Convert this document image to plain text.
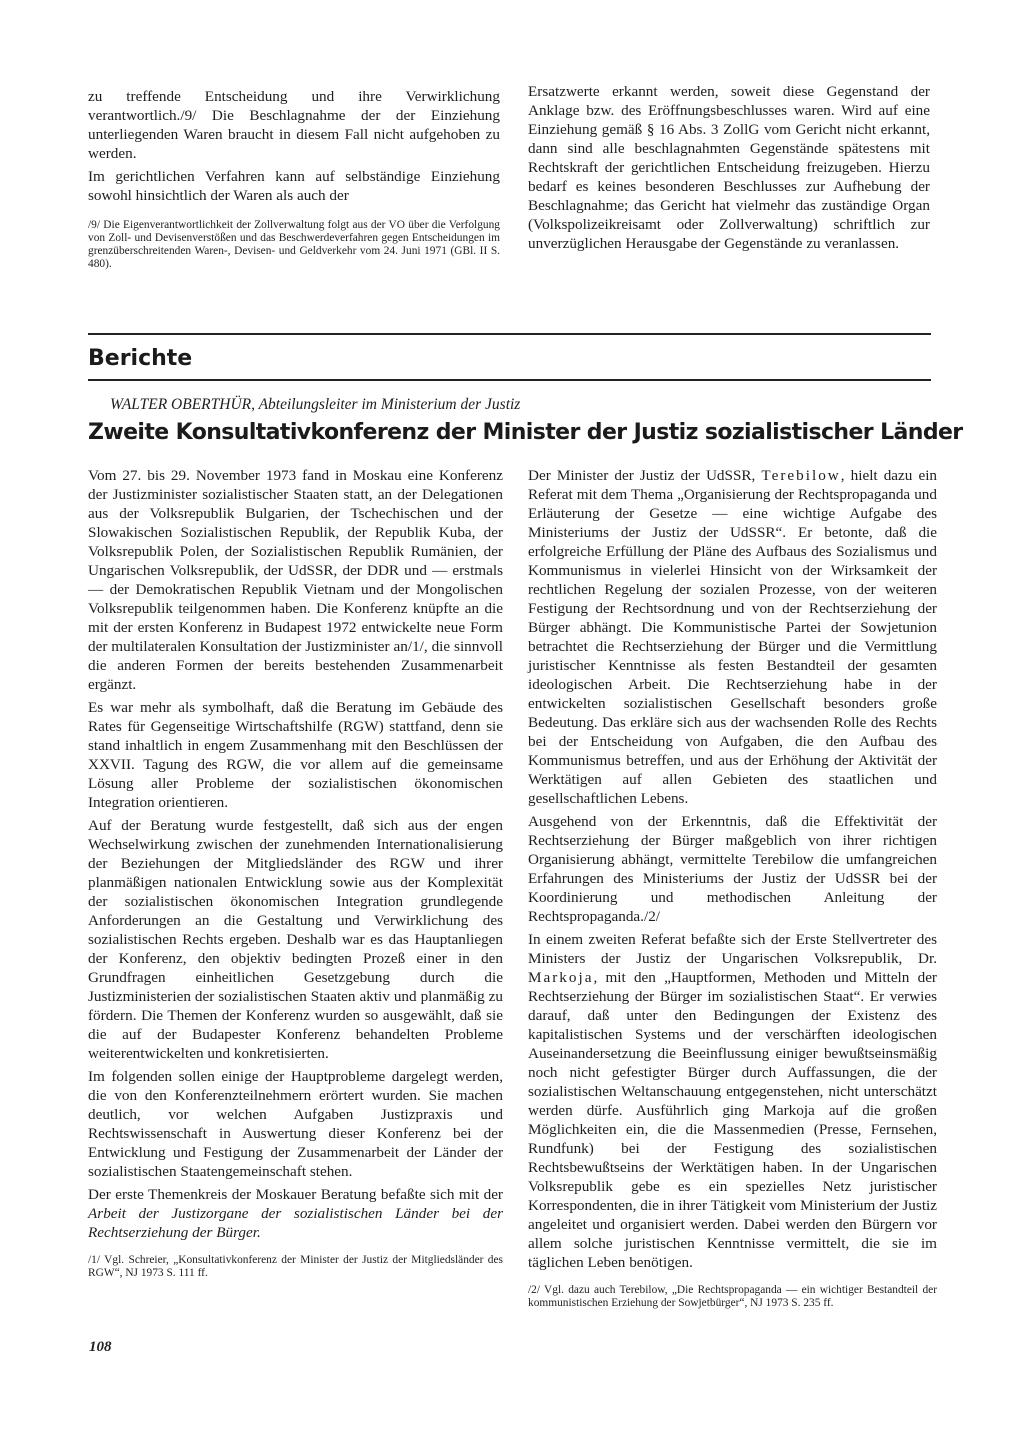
zu treffende Entscheidung und ihre Verwirklichung verantwortlich./9/ Die Beschlagnahme der der Einziehung unterliegenden Waren braucht in diesem Fall nicht aufgehoben zu werden.

Im gerichtlichen Verfahren kann auf selbständige Einziehung sowohl hinsichtlich der Waren als auch der

/9/ Die Eigenverantwortlichkeit der Zollverwaltung folgt aus der VO über die Verfolgung von Zoll- und Devisenverstößen und das Beschwerdeverfahren gegen Entscheidungen im grenzüberschreitenden Waren-, Devisen- und Geldverkehr vom 24. Juni 1971 (GBl. II S. 480).

Ersatzwerte erkannt werden, soweit diese Gegenstand der Anklage bzw. des Eröffnungsbeschlusses waren. Wird auf eine Einziehung gemäß § 16 Abs. 3 ZollG vom Gericht nicht erkannt, dann sind alle beschlagnahmten Gegenstände spätestens mit Rechtskraft der gerichtlichen Entscheidung freizugeben. Hierzu bedarf es keines besonderen Beschlusses zur Aufhebung der Beschlagnahme; das Gericht hat vielmehr das zuständige Organ (Volkspolizeikreisamt oder Zollverwaltung) schriftlich zur unverzüglichen Herausgabe der Gegenstände zu veranlassen.

Berichte

WALTER OBERTHÜR, Abteilungsleiter im Ministerium der Justiz

Zweite Konsultativkonferenz der Minister der Justiz sozialistischer Länder

Vom 27. bis 29. November 1973 fand in Moskau eine Konferenz der Justizminister sozialistischer Staaten statt, an der Delegationen aus der Volksrepublik Bulgarien, der Tschechischen und der Slowakischen Sozialistischen Republik, der Republik Kuba, der Volksrepublik Polen, der Sozialistischen Republik Rumänien, der Ungarischen Volksrepublik, der UdSSR, der DDR und — erstmals — der Demokratischen Republik Vietnam und der Mongolischen Volksrepublik teilgenommen haben. Die Konferenz knüpfte an die mit der ersten Konferenz in Budapest 1972 entwickelte neue Form der multilateralen Konsultation der Justizminister an/1/, die sinnvoll die anderen Formen der bereits bestehenden Zusammenarbeit ergänzt.

Es war mehr als symbolhaft, daß die Beratung im Gebäude des Rates für Gegenseitige Wirtschaftshilfe (RGW) stattfand, denn sie stand inhaltlich in engem Zusammenhang mit den Beschlüssen der XXVII. Tagung des RGW, die vor allem auf die gemeinsame Lösung aller Probleme der sozialistischen ökonomischen Integration orientieren.

Auf der Beratung wurde festgestellt, daß sich aus der engen Wechselwirkung zwischen der zunehmenden Internationalisierung der Beziehungen der Mitgliedsländer des RGW und ihrer planmäßigen nationalen Entwicklung sowie aus der Komplexität der sozialistischen ökonomischen Integration grundlegende Anforderungen an die Gestaltung und Verwirklichung des sozialistischen Rechts ergeben. Deshalb war es das Hauptanliegen der Konferenz, den objektiv bedingten Prozeß einer in den Grundfragen einheitlichen Gesetzgebung durch die Justizministerien der sozialistischen Staaten aktiv und planmäßig zu fördern. Die Themen der Konferenz wurden so ausgewählt, daß sie die auf der Budapester Konferenz behandelten Probleme weiterentwickelten und konkretisierten.

Im folgenden sollen einige der Hauptprobleme dargelegt werden, die von den Konferenzteilnehmern erörtert wurden. Sie machen deutlich, vor welchen Aufgaben Justizpraxis und Rechtswissenschaft in Auswertung dieser Konferenz bei der Entwicklung und Festigung der Zusammenarbeit der Länder der sozialistischen Staatengemeinschaft stehen.

Der erste Themenkreis der Moskauer Beratung befaßte sich mit der Arbeit der Justizorgane der sozialistischen Länder bei der Rechtserziehung der Bürger.

/1/ Vgl. Schreier, „Konsultativkonferenz der Minister der Justiz der Mitgliedsländer des RGW“, NJ 1973 S. 111 ff.

Der Minister der Justiz der UdSSR, Terebilow, hielt dazu ein Referat mit dem Thema „Organisierung der Rechtspropaganda und Erläuterung der Gesetze — eine wichtige Aufgabe des Ministeriums der Justiz der UdSSR“. Er betonte, daß die erfolgreiche Erfüllung der Pläne des Aufbaus des Sozialismus und Kommunismus in vielerlei Hinsicht von der Wirksamkeit der rechtlichen Regelung der sozialen Prozesse, von der weiteren Festigung der Rechtsordnung und von der Rechtserziehung der Bürger abhängt. Die Kommunistische Partei der Sowjetunion betrachtet die Rechtserziehung der Bürger und die Vermittlung juristischer Kenntnisse als festen Bestandteil der gesamten ideologischen Arbeit. Die Rechtserziehung habe in der entwickelten sozialistischen Gesellschaft besonders große Bedeutung. Das erkläre sich aus der wachsenden Rolle des Rechts bei der Entscheidung von Aufgaben, die den Aufbau des Kommunismus betreffen, und aus der Erhöhung der Aktivität der Werktätigen auf allen Gebieten des staatlichen und gesellschaftlichen Lebens.

Ausgehend von der Erkenntnis, daß die Effektivität der Rechtserziehung der Bürger maßgeblich von ihrer richtigen Organisierung abhängt, vermittelte Terebilow die umfangreichen Erfahrungen des Ministeriums der Justiz der UdSSR bei der Koordinierung und methodischen Anleitung der Rechtspropaganda./2/

In einem zweiten Referat befaßte sich der Erste Stellvertreter des Ministers der Justiz der Ungarischen Volksrepublik, Dr. Markoja, mit den „Hauptformen, Methoden und Mitteln der Rechtserziehung der Bürger im sozialistischen Staat“. Er verwies darauf, daß unter den Bedingungen der Existenz des kapitalistischen Systems und der verschärften ideologischen Auseinandersetzung die Beeinflussung einiger bewußtseinsmäßig noch nicht gefestigter Bürger durch Auffassungen, die der sozialistischen Weltanschauung entgegenstehen, nicht unterschätzt werden dürfe. Ausführlich ging Markoja auf die großen Möglichkeiten ein, die die Massenmedien (Presse, Fernsehen, Rundfunk) bei der Festigung des sozialistischen Rechtsbewußtseins der Werktätigen haben. In der Ungarischen Volksrepublik gebe es ein spezielles Netz juristischer Korrespondenten, die in ihrer Tätigkeit vom Ministerium der Justiz angeleitet und organisiert werden. Dabei werden den Bürgern vor allem solche juristischen Kenntnisse vermittelt, die sie im täglichen Leben benötigen.

/2/ Vgl. dazu auch Terebilow, „Die Rechtspropaganda — ein wichtiger Bestandteil der kommunistischen Erziehung der Sowjetbürger“, NJ 1973 S. 235 ff.

108
